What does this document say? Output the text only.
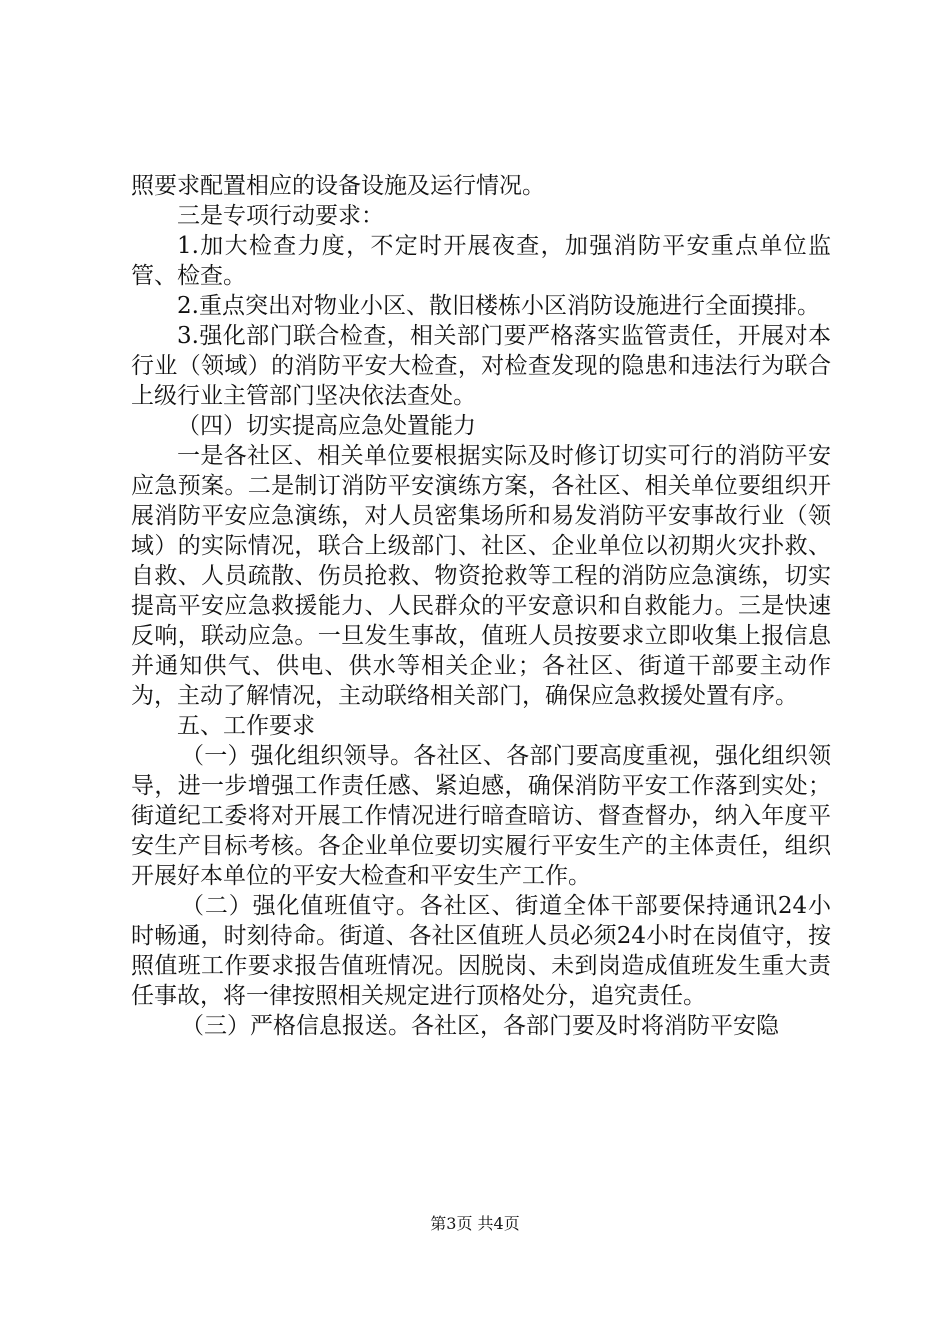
照要求配置相应的设备设施及运行情况。

三是专项行动要求：

1.加大检查力度，不定时开展夜查，加强消防平安重点单位监管、检查。

2.重点突出对物业小区、散旧楼栋小区消防设施进行全面摸排。

3.强化部门联合检查，相关部门要严格落实监管责任，开展对本行业（领域）的消防平安大检查，对检查发现的隐患和违法行为联合上级行业主管部门坚决依法查处。

（四）切实提高应急处置能力

一是各社区、相关单位要根据实际及时修订切实可行的消防平安应急预案。二是制订消防平安演练方案，各社区、相关单位要组织开展消防平安应急演练，对人员密集场所和易发消防平安事故行业（领域）的实际情况，联合上级部门、社区、企业单位以初期火灾扑救、自救、人员疏散、伤员抢救、物资抢救等工程的消防应急演练，切实提高平安应急救援能力、人民群众的平安意识和自救能力。三是快速反响，联动应急。一旦发生事故，值班人员按要求立即收集上报信息并通知供气、供电、供水等相关企业；各社区、街道干部要主动作为，主动了解情况，主动联络相关部门，确保应急救援处置有序。

五、工作要求

（一）强化组织领导。各社区、各部门要高度重视，强化组织领导，进一步增强工作责任感、紧迫感，确保消防平安工作落到实处；街道纪工委将对开展工作情况进行暗查暗访、督查督办，纳入年度平安生产目标考核。各企业单位要切实履行平安生产的主体责任，组织开展好本单位的平安大检查和平安生产工作。

（二）强化值班值守。各社区、街道全体干部要保持通讯24小时畅通，时刻待命。街道、各社区值班人员必须24小时在岗值守，按照值班工作要求报告值班情况。因脱岗、未到岗造成值班发生重大责任事故，将一律按照相关规定进行顶格处分，追究责任。

（三）严格信息报送。各社区，各部门要及时将消防平安隐

第3页 共4页
